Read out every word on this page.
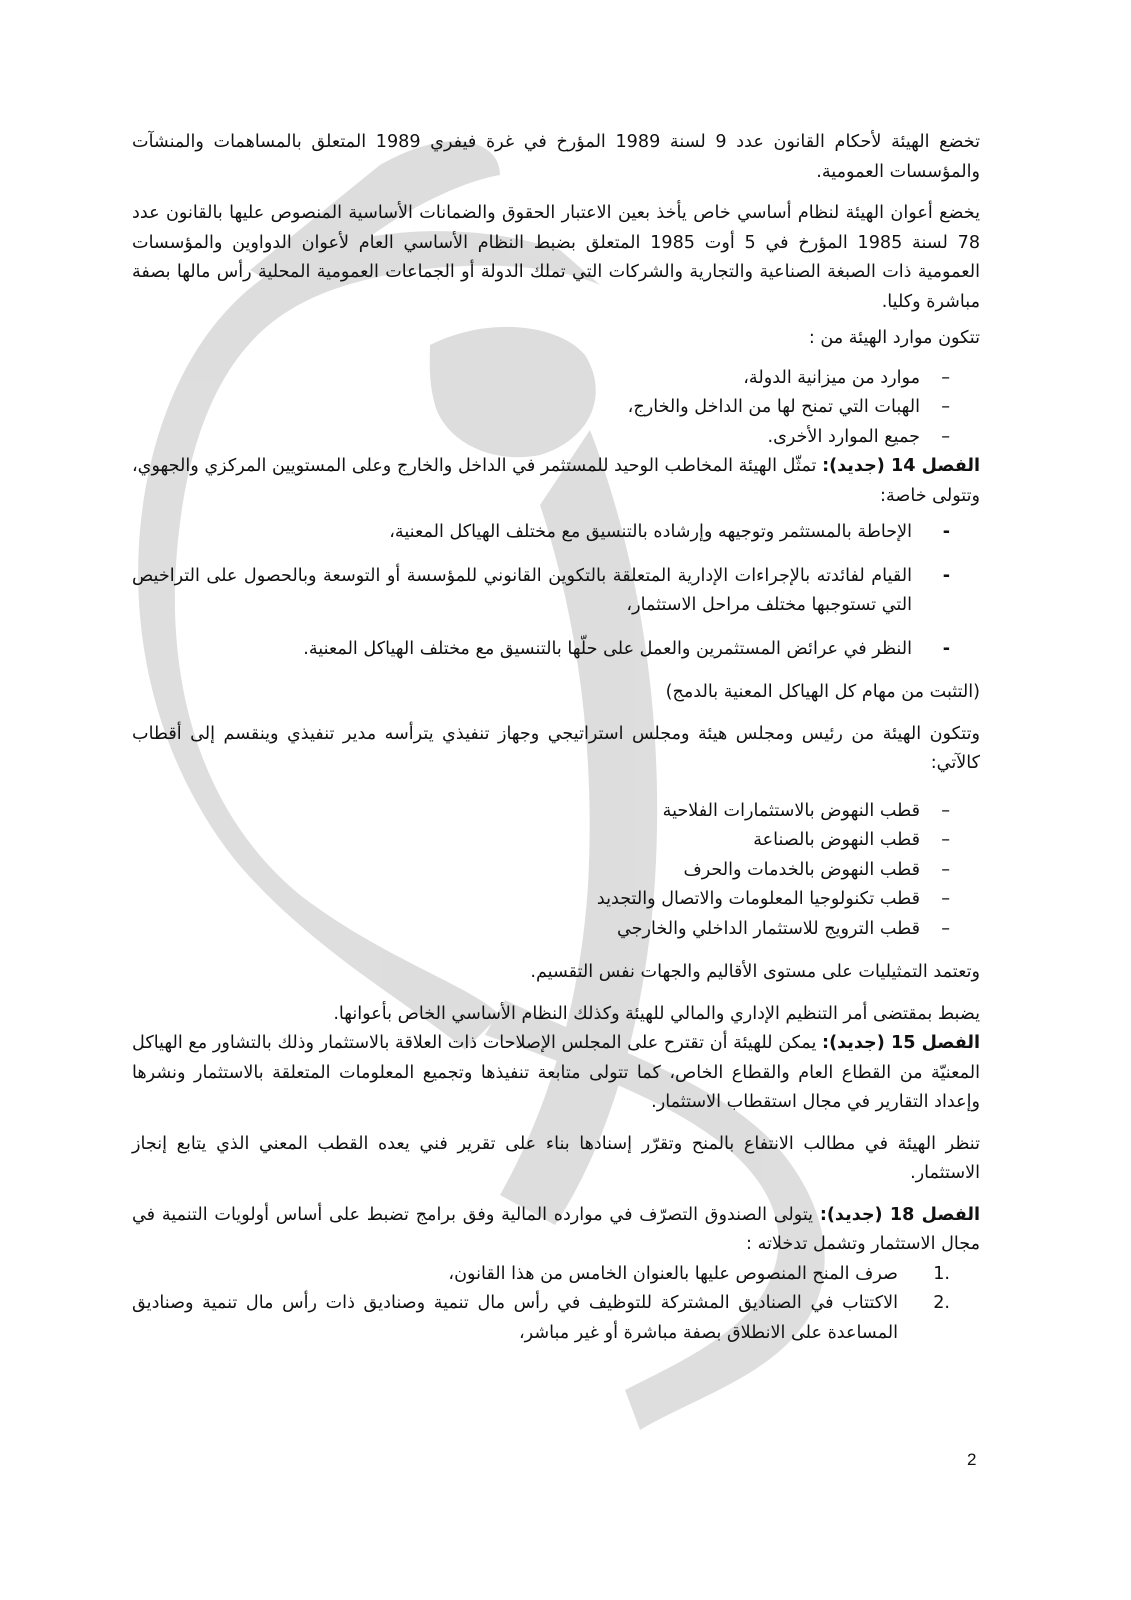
تخضع الهيئة لأحكام القانون عدد 9 لسنة 1989 المؤرخ في غرة فيفري 1989 المتعلق بالمساهمات والمنشآت والمؤسسات العمومية.

يخضع أعوان الهيئة لنظام أساسي خاص يأخذ بعين الاعتبار الحقوق والضمانات الأساسية المنصوص عليها بالقانون عدد 78 لسنة 1985 المؤرخ في 5 أوت 1985 المتعلق بضبط النظام الأساسي العام لأعوان الدواوين والمؤسسات العمومية ذات الصبغة الصناعية والتجارية والشركات التي تملك الدولة أو الجماعات العمومية المحلية رأس مالها بصفة مباشرة وكليا.

تتكون موارد الهيئة من :

–
موارد من ميزانية الدولة،
–
الهبات التي تمنح لها من الداخل والخارج،
–
جميع الموارد الأخرى.

الفصل 14 (جديد): تمثّل الهيئة المخاطب الوحيد للمستثمر في الداخل والخارج وعلى المستويين المركزي والجهوي، وتتولى خاصة:

-
الإحاطة بالمستثمر وتوجيهه وإرشاده بالتنسيق مع مختلف الهياكل المعنية،
-
القيام لفائدته بالإجراءات الإدارية المتعلقة بالتكوين القانوني للمؤسسة أو التوسعة وبالحصول على التراخيص التي تستوجبها مختلف مراحل الاستثمار،
-
النظر في عرائض المستثمرين والعمل على حلّها بالتنسيق مع مختلف الهياكل المعنية.

(التثبت من مهام كل الهياكل المعنية بالدمج)

وتتكون الهيئة من رئيس ومجلس هيئة ومجلس استراتيجي وجهاز تنفيذي يترأسه مدير تنفيذي وينقسم إلى أقطاب كالآتي:

–
قطب النهوض بالاستثمارات الفلاحية
–
قطب النهوض بالصناعة
–
قطب النهوض بالخدمات والحرف
–
قطب تكنولوجيا المعلومات والاتصال والتجديد
–
قطب الترويج للاستثمار الداخلي والخارجي

وتعتمد التمثيليات على مستوى الأقاليم والجهات نفس التقسيم.

يضبط بمقتضى أمر التنظيم الإداري والمالي للهيئة وكذلك النظام الأساسي الخاص بأعوانها.

الفصل 15 (جديد): يمكن للهيئة أن تقترح على المجلس الإصلاحات ذات العلاقة بالاستثمار وذلك بالتشاور مع الهياكل المعنيّة من القطاع العام والقطاع الخاص، كما تتولى متابعة تنفيذها وتجميع المعلومات المتعلقة بالاستثمار ونشرها وإعداد التقارير في مجال استقطاب الاستثمار.

تنظر الهيئة في مطالب الانتفاع بالمنح وتقرّر إسنادها بناء على تقرير فني يعده القطب المعني الذي يتابع إنجاز الاستثمار.

الفصل 18 (جديد): يتولى الصندوق التصرّف في موارده المالية وفق برامج تضبط على أساس أولويات التنمية في مجال الاستثمار وتشمل تدخلاته :

1.
صرف المنح المنصوص عليها بالعنوان الخامس من هذا القانون،
2.
الاكتتاب في الصناديق المشتركة للتوظيف في رأس مال تنمية وصناديق ذات رأس مال تنمية وصناديق المساعدة على الانطلاق بصفة مباشرة أو غير مباشر،
2
